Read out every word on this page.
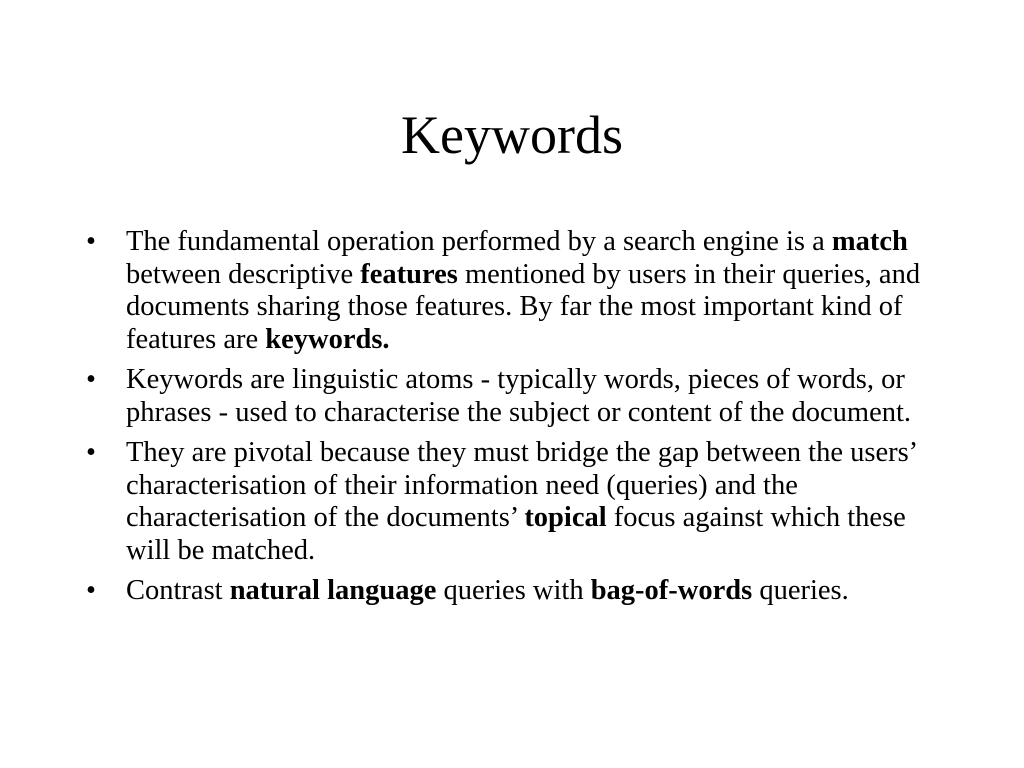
Keywords
•	The fundamental operation performed by a search engine is a match between descriptive features mentioned by users in their queries, and documents sharing those features. By far the most important kind of features are keywords.
•	Keywords are linguistic atoms - typically words, pieces of words, or phrases - used to characterise the subject or content of the document.
•	They are pivotal because they must bridge the gap between the users’ characterisation of their information need (queries) and the characterisation of the documents’ topical focus against which these will be matched.
•	Contrast natural language queries with bag-of-words queries.
